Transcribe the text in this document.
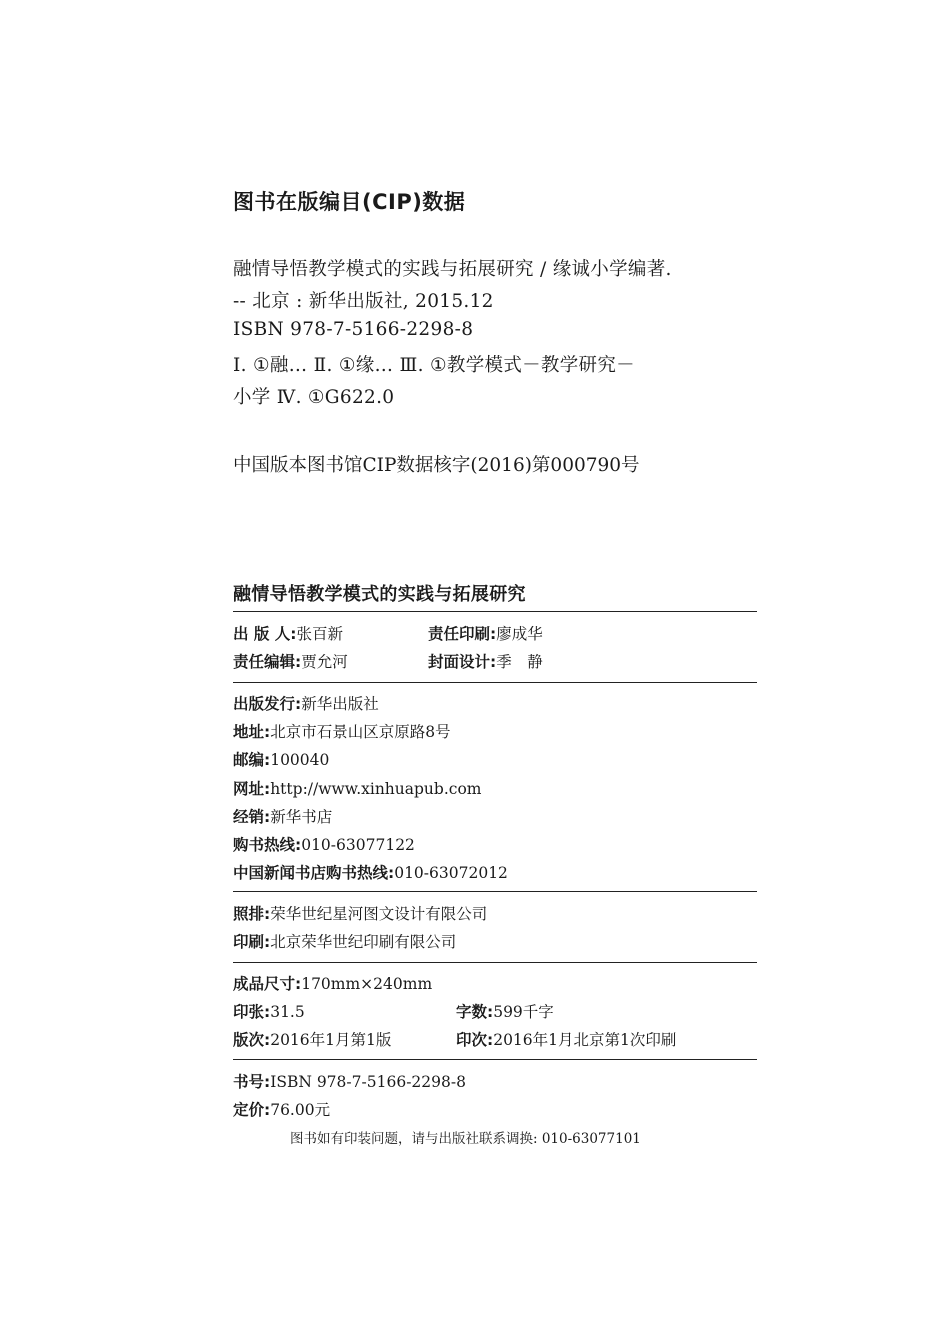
图书在版编目(CIP)数据
融情导悟教学模式的实践与拓展研究 / 缘诚小学编著.
-- 北京 : 新华出版社, 2015.12
ISBN 978-7-5166-2298-8
Ⅰ. ①融… Ⅱ. ①缘… Ⅲ. ①教学模式－教学研究－
小学 Ⅳ. ①G622.0
中国版本图书馆CIP数据核字(2016)第000790号
融情导悟教学模式的实践与拓展研究
出 版 人:张百新	责任印刷:廖成华
责任编辑:贾允河	封面设计:季　静
出版发行:新华出版社
地址:北京市石景山区京原路8号
邮编:100040
网址:http://www.xinhuapub.com
经销:新华书店
购书热线:010-63077122
中国新闻书店购书热线:010-63072012
照排:荣华世纪星河图文设计有限公司
印刷:北京荣华世纪印刷有限公司
成品尺寸:170mm×240mm
印张:31.5	字数:599千字
版次:2016年1月第1版	印次:2016年1月北京第1次印刷
书号:ISBN 978-7-5166-2298-8
定价:76.00元
图书如有印装问题，请与出版社联系调换: 010-63077101
